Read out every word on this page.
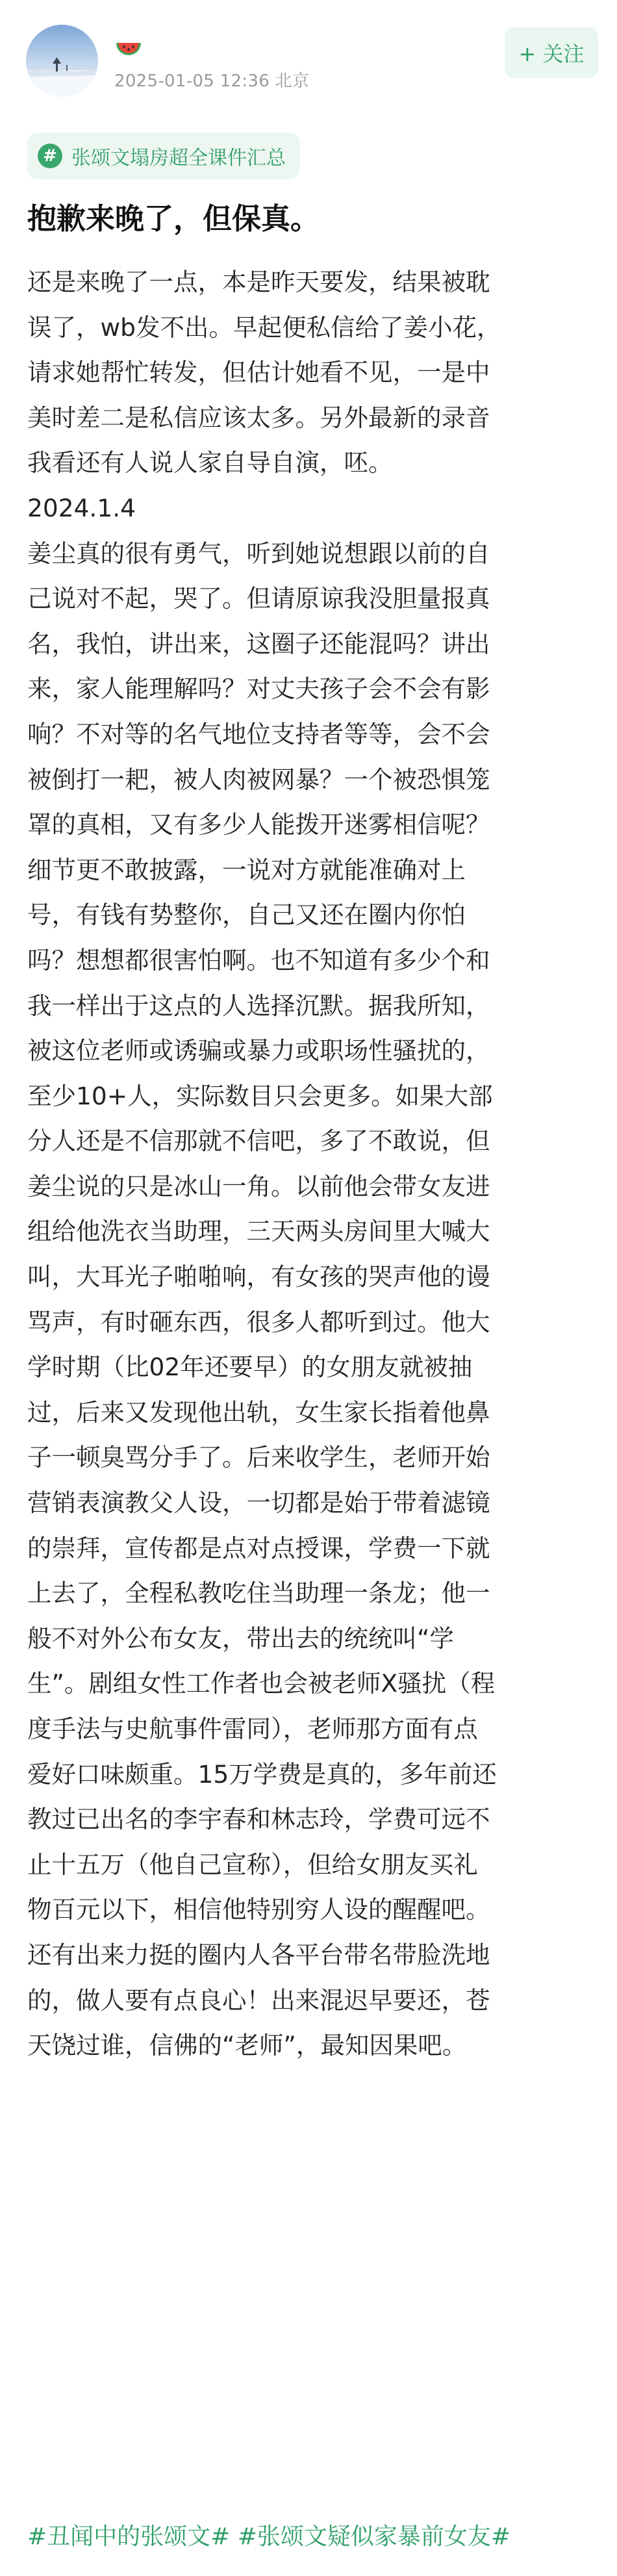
2025-01-05 12:36 北京
+ 关注
# 张颂文塌房超全课件汇总
抱歉来晚了，但保真。
还是来晚了一点，本是昨天要发，结果被耽
误了，wb发不出。早起便私信给了姜小花，
请求她帮忙转发，但估计她看不见，一是中
美时差二是私信应该太多。另外最新的录音
我看还有人说人家自导自演，呸。
2024.1.4
姜尘真的很有勇气，听到她说想跟以前的自
己说对不起，哭了。但请原谅我没胆量报真
名，我怕，讲出来，这圈子还能混吗？讲出
来，家人能理解吗？对丈夫孩子会不会有影
响？不对等的名气地位支持者等等，会不会
被倒打一耙，被人肉被网暴？一个被恐惧笼
罩的真相，又有多少人能拨开迷雾相信呢？
细节更不敢披露，一说对方就能准确对上
号，有钱有势整你，自己又还在圈内你怕
吗？想想都很害怕啊。也不知道有多少个和
我一样出于这点的人选择沉默。据我所知，
被这位老师或诱骗或暴力或职场性骚扰的，
至少10+人，实际数目只会更多。如果大部
分人还是不信那就不信吧，多了不敢说，但
姜尘说的只是冰山一角。以前他会带女友进
组给他洗衣当助理，三天两头房间里大喊大
叫，大耳光子啪啪响，有女孩的哭声他的谩
骂声，有时砸东西，很多人都听到过。他大
学时期（比02年还要早）的女朋友就被抽
过，后来又发现他出轨，女生家长指着他鼻
子一顿臭骂分手了。后来收学生，老师开始
营销表演教父人设，一切都是始于带着滤镜
的崇拜，宣传都是点对点授课，学费一下就
上去了，全程私教吃住当助理一条龙；他一
般不对外公布女友，带出去的统统叫“学
生”。剧组女性工作者也会被老师X骚扰（程
度手法与史航事件雷同），老师那方面有点
爱好口味颇重。15万学费是真的，多年前还
教过已出名的李宇春和林志玲，学费可远不
止十五万（他自己宣称），但给女朋友买礼
物百元以下，相信他特别穷人设的醒醒吧。
还有出来力挺的圈内人各平台带名带脸洗地
的，做人要有点良心！出来混迟早要还，苍
天饶过谁，信佛的“老师”，最知因果吧。
#丑闻中的张颂文# #张颂文疑似家暴前女友#
